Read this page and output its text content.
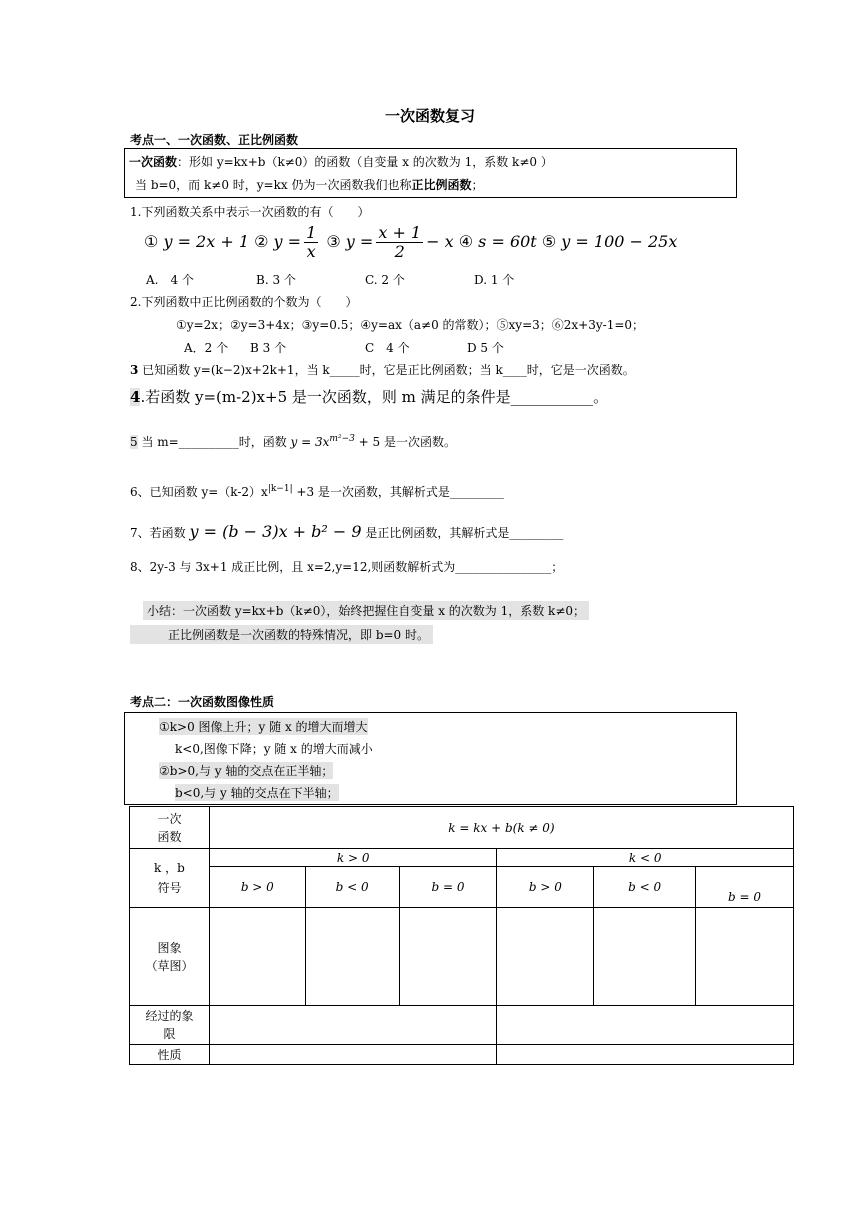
一次函数复习
考点一、一次函数、正比例函数
一次函数：形如 y=kx+b（k≠0）的函数（自变量 x 的次数为 1，系数 k≠0 ）
当 b=0，而 k≠0 时，y=kx 仍为一次函数我们也称正比例函数；
1.下列函数关系中表示一次函数的有（　　）
① y = 2x + 1 ② $y = \frac{1}{x}$ ③ $y = \frac{x + 1}{2} - x$ ④ s = 60t ⑤ y = 100 − 25x
A.　4 个	B. 3 个	C. 2 个	D. 1 个
2.下列函数中正比例函数的个数为（　　）
①y=2x；②y=3+4x；③y=0.5；④y=ax（a≠0 的常数）；⑤xy=3；⑥2x+3y-1=0；
A．2 个 B 3 个	C　4 个	D 5 个
3 已知函数 y=(k−2)x+2k+1，当 k_____时，它是正比例函数；当 k____时，它是一次函数。
4.若函数 y=(m-2)x+5 是一次函数，则 m 满足的条件是___________。
5 当 m=__________时，函数 $y = 3x^{m^2-3} + 5$ 是一次函数。
6、已知函数 $y=(k-2)x^{|k-1|} +3$ 是一次函数，其解析式是_________
7、若函数 y = (b − 3)x + b² − 9 是正比例函数，其解析式是_________
8、2y-3 与 3x+1 成正比例，且 x=2,y=12,则函数解析式为________________；
小结：一次函数 y=kx+b（k≠0），始终把握住自变量 x 的次数为 1，系数 k≠0；
正比例函数是一次函数的特殊情况，即 b=0 时。
考点二：一次函数图像性质
①k>0 图像上升；y 随 x 的增大而增大
k<0,图像下降；y 随 x 的增大而减小
②b>0,与 y 轴的交点在正半轴；
b<0,与 y 轴的交点在下半轴；
一次
函数	k = kx + b(k ≠ 0)					
k ，b
符号	k > 0			k < 0		
	b > 0	b < 0	b = 0	b > 0	b < 0	b = 0
图象
（草图）						
经过的象
限						
性质						
